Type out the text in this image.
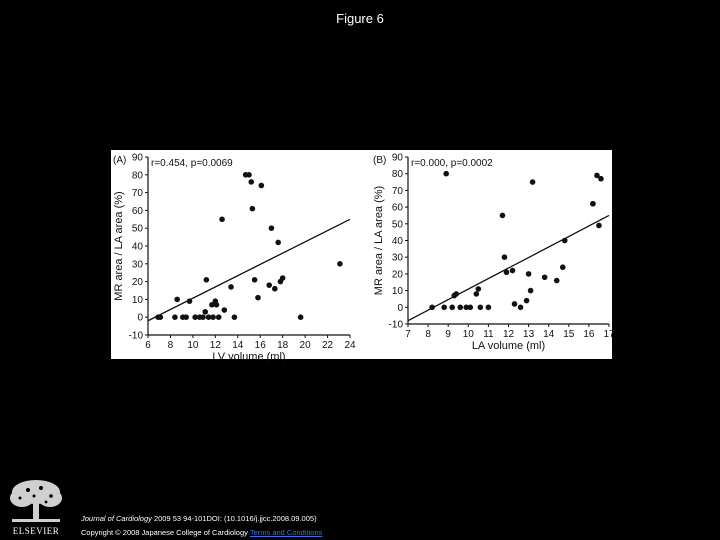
Figure 6
-10
0
10
20
30
40
50
60
70
80
90
6 8 10 12 14 16 18 20 22 24
LV volume (ml)
MR area / LA area (%)
(A) r=0.454, p=0.0069
-10
0
10
20
30
40
50
60
70
80
90
7 8 9 10 11 12 13 14 15 16 17
LA volume (ml)
MR area / LA area (%)
(B) r=0.000, p=0.0002
ELSEVIER
Journal of Cardiology 2009 53 94-101DOI: (10.1016/j.jjcc.2008.09.005)
Copyright © 2008 Japanese College of Cardiology Terms and Conditions
